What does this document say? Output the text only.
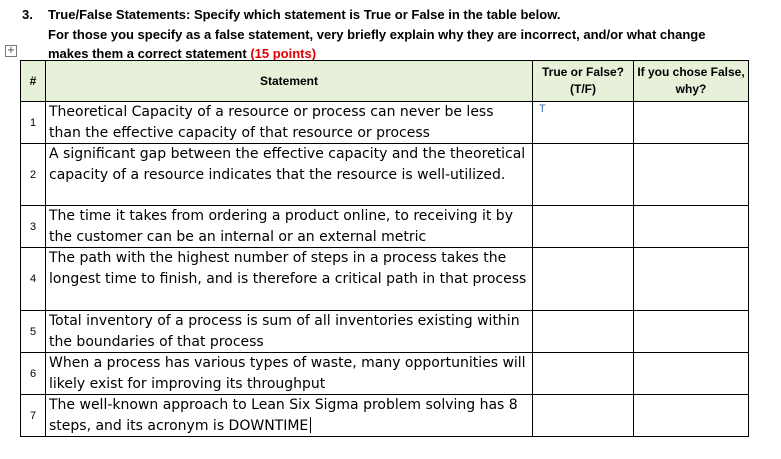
3. True/False Statements: Specify which statement is True or False in the table below.
For those you specify as a false statement, very briefly explain why they are incorrect, and/or what change
makes them a correct statement (15 points)
+
#	Statement	True or False? (T/F)	If you chose False, why?
1	Theoretical Capacity of a resource or process can never be less than the effective capacity of that resource or process	T	

2	A significant gap between the effective capacity and the theoretical capacity of a resource indicates that the resource is well-utilized.		
3	The time it takes from ordering a product online, to receiving it by the customer can be an internal or an external metric		
4	The path with the highest number of steps in a process takes the longest time to finish, and is therefore a critical path in that process		
5	Total inventory of a process is sum of all inventories existing within the boundaries of that process		
6	When a process has various types of waste, many opportunities will likely exist for improving its throughput		
7	The well-known approach to Lean Six Sigma problem solving has 8 steps, and its acronym is DOWNTIME		
